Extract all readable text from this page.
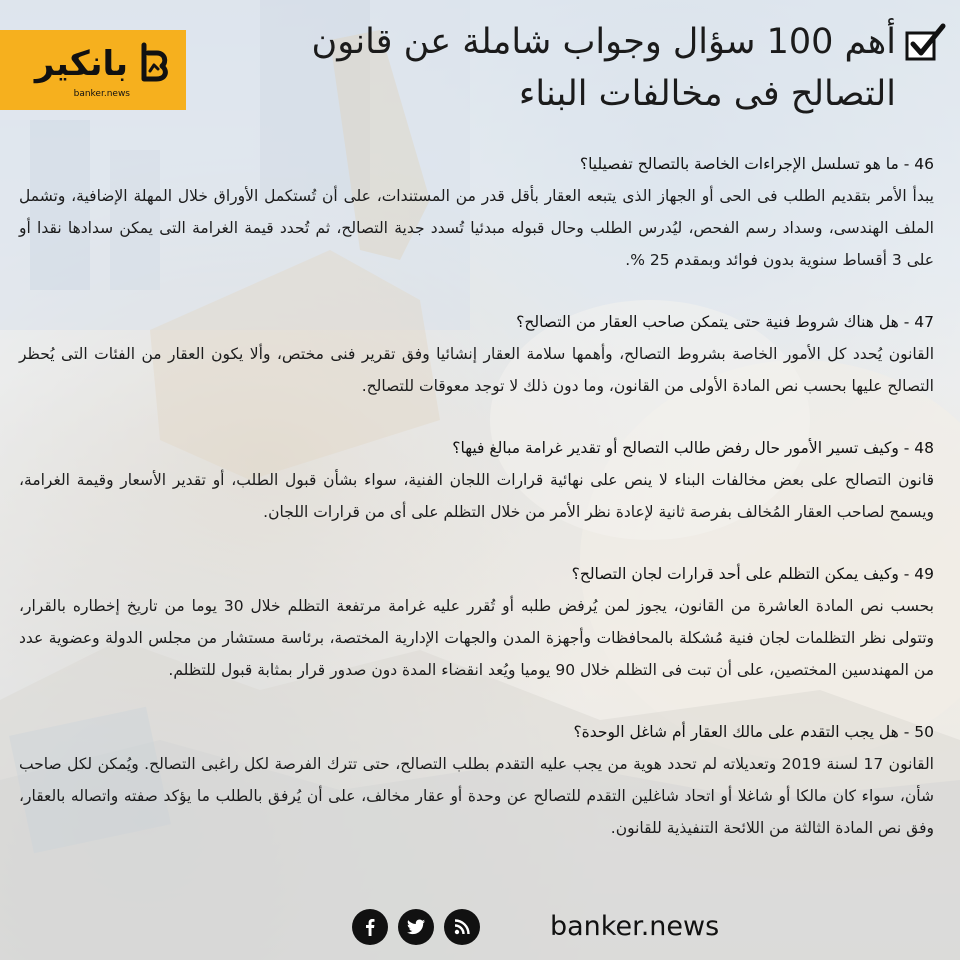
بانكير
banker.news
أهم 100 سؤال وجواب شاملة عن قانون التصالح فى مخالفات البناء

46 - ما هو تسلسل الإجراءات الخاصة بالتصالح تفصيليا؟

يبدأ الأمر بتقديم الطلب فى الحى أو الجهاز الذى يتبعه العقار بأقل قدر من المستندات، على أن تُستكمل الأوراق خلال المهلة الإضافية، وتشمل الملف الهندسى، وسداد رسم الفحص، ليُدرس الطلب وحال قبوله مبدئيا تُسدد جدية التصالح، ثم تُحدد قيمة الغرامة التى يمكن سدادها نقدا أو على 3 أقساط سنوية بدون فوائد وبمقدم 25 %.

47 - هل هناك شروط فنية حتى يتمكن صاحب العقار من التصالح؟

القانون يُحدد كل الأمور الخاصة بشروط التصالح، وأهمها سلامة العقار إنشائيا وفق تقرير فنى مختص، وألا يكون العقار من الفئات التى يُحظر التصالح عليها بحسب نص المادة الأولى من القانون، وما دون ذلك لا توجد معوقات للتصالح.

48 - وكيف تسير الأمور حال رفض طالب التصالح أو تقدير غرامة مبالغ فيها؟

قانون التصالح على بعض مخالفات البناء لا ينص على نهائية قرارات اللجان الفنية، سواء بشأن قبول الطلب، أو تقدير الأسعار وقيمة الغرامة، ويسمح لصاحب العقار المُخالف بفرصة ثانية لإعادة نظر الأمر من خلال التظلم على أى من قرارات اللجان.

49 - وكيف يمكن التظلم على أحد قرارات لجان التصالح؟

بحسب نص المادة العاشرة من القانون، يجوز لمن يُرفض طلبه أو تُقرر عليه غرامة مرتفعة التظلم خلال 30 يوما من تاريخ إخطاره بالقرار، وتتولى نظر التظلمات لجان فنية مُشكلة بالمحافظات وأجهزة المدن والجهات الإدارية المختصة، برئاسة مستشار من مجلس الدولة وعضوية عدد من المهندسين المختصين، على أن تبت فى التظلم خلال 90 يوميا ويُعد انقضاء المدة دون صدور قرار بمثابة قبول للتظلم.

50 - هل يجب التقدم على مالك العقار أم شاغل الوحدة؟

القانون 17 لسنة 2019 وتعديلاته لم تحدد هوية من يجب عليه التقدم بطلب التصالح، حتى تترك الفرصة لكل راغبى التصالح. ويُمكن لكل صاحب شأن، سواء كان مالكا أو شاغلا أو اتحاد شاغلين التقدم للتصالح عن وحدة أو عقار مخالف، على أن يُرفق بالطلب ما يؤكد صفته واتصاله بالعقار، وفق نص المادة الثالثة من اللائحة التنفيذية للقانون.

banker.news
